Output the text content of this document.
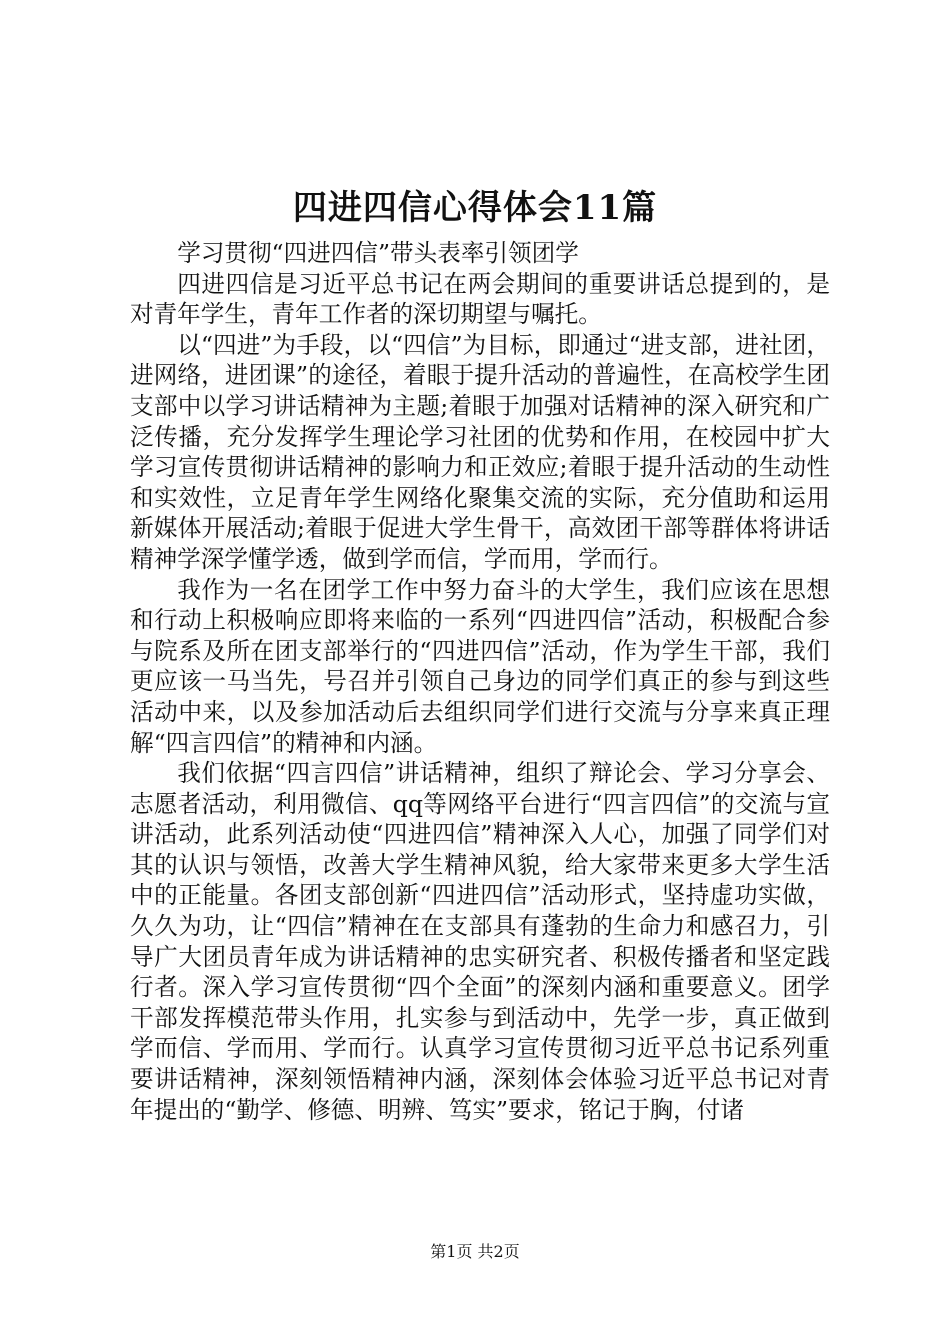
四进四信心得体会11篇

学习贯彻“四进四信”带头表率引领团学

四进四信是习近平总书记在两会期间的重要讲话总提到的，是对青年学生，青年工作者的深切期望与嘱托。

以“四进”为手段，以“四信”为目标，即通过“进支部，进社团，进网络，进团课”的途径，着眼于提升活动的普遍性，在高校学生团支部中以学习讲话精神为主题;着眼于加强对话精神的深入研究和广泛传播，充分发挥学生理论学习社团的优势和作用，在校园中扩大学习宣传贯彻讲话精神的影响力和正效应;着眼于提升活动的生动性和实效性，立足青年学生网络化聚集交流的实际，充分值助和运用新媒体开展活动;着眼于促进大学生骨干，高效团干部等群体将讲话精神学深学懂学透，做到学而信，学而用，学而行。

我作为一名在团学工作中努力奋斗的大学生，我们应该在思想和行动上积极响应即将来临的一系列“四进四信”活动，积极配合参与院系及所在团支部举行的“四进四信”活动，作为学生干部，我们更应该一马当先，号召并引领自己身边的同学们真正的参与到这些活动中来，以及参加活动后去组织同学们进行交流与分享来真正理解“四言四信”的精神和内涵。

我们依据“四言四信”讲话精神，组织了辩论会、学习分享会、志愿者活动，利用微信、qq等网络平台进行“四言四信”的交流与宣讲活动，此系列活动使“四进四信”精神深入人心，加强了同学们对其的认识与领悟，改善大学生精神风貌，给大家带来更多大学生活中的正能量。各团支部创新“四进四信”活动形式，坚持虚功实做，久久为功，让“四信”精神在在支部具有蓬勃的生命力和感召力，引导广大团员青年成为讲话精神的忠实研究者、积极传播者和坚定践行者。深入学习宣传贯彻“四个全面”的深刻内涵和重要意义。团学干部发挥模范带头作用，扎实参与到活动中，先学一步，真正做到学而信、学而用、学而行。认真学习宣传贯彻习近平总书记系列重要讲话精神，深刻领悟精神内涵，深刻体会体验习近平总书记对青年提出的“勤学、修德、明辨、笃实”要求，铭记于胸，付诸

第1页 共2页
